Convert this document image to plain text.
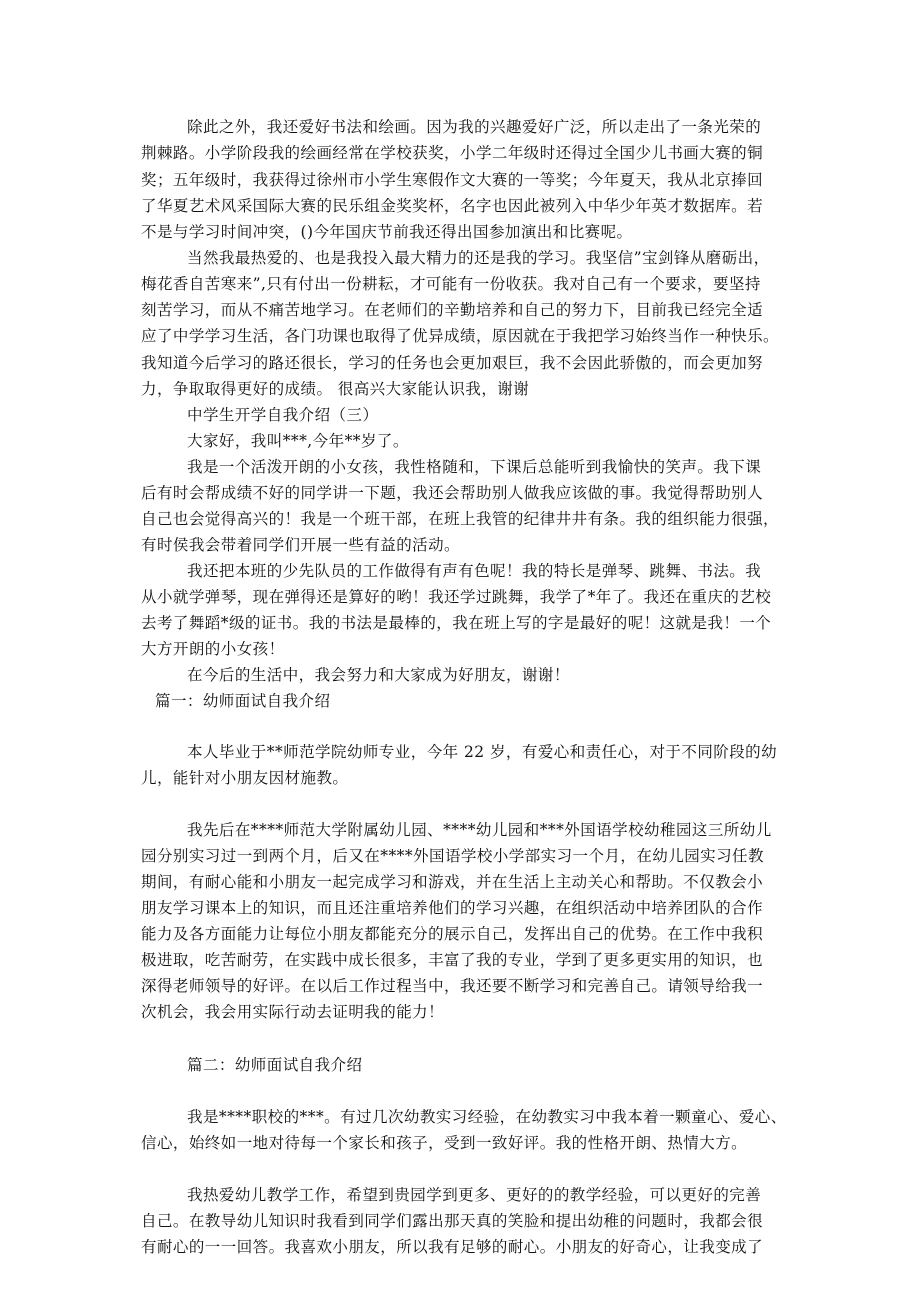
除此之外，我还爱好书法和绘画。因为我的兴趣爱好广泛，所以走出了一条光荣的
荆棘路。小学阶段我的绘画经常在学校获奖，小学二年级时还得过全国少儿书画大赛的铜
奖；五年级时，我获得过徐州市小学生寒假作文大赛的一等奖；今年夏天，我从北京捧回
了华夏艺术风采国际大赛的民乐组金奖奖杯，名字也因此被列入中华少年英才数据库。若
不是与学习时间冲突，()今年国庆节前我还得出国参加演出和比赛呢。
当然我最热爱的、也是我投入最大精力的还是我的学习。我坚信”宝剑锋从磨砺出，
梅花香自苦寒来”,只有付出一份耕耘，才可能有一份收获。我对自己有一个要求，要坚持
刻苦学习，而从不痛苦地学习。在老师们的辛勤培养和自己的努力下，目前我已经完全适
应了中学学习生活，各门功课也取得了优异成绩，原因就在于我把学习始终当作一种快乐。
我知道今后学习的路还很长，学习的任务也会更加艰巨，我不会因此骄傲的，而会更加努
力，争取取得更好的成绩。 很高兴大家能认识我，谢谢
中学生开学自我介绍（三）
大家好，我叫***,今年**岁了。
我是一个活泼开朗的小女孩，我性格随和，下课后总能听到我愉快的笑声。我下课
后有时会帮成绩不好的同学讲一下题，我还会帮助别人做我应该做的事。我觉得帮助别人
自己也会觉得高兴的！我是一个班干部，在班上我管的纪律井井有条。我的组织能力很强，
有时侯我会带着同学们开展一些有益的活动。
我还把本班的少先队员的工作做得有声有色呢！我的特长是弹琴、跳舞、书法。我
从小就学弹琴，现在弹得还是算好的哟！我还学过跳舞，我学了*年了。我还在重庆的艺校
去考了舞蹈*级的证书。我的书法是最棒的，我在班上写的字是最好的呢！这就是我！一个
大方开朗的小女孩！
在今后的生活中，我会努力和大家成为好朋友，谢谢！
篇一：幼师面试自我介绍
本人毕业于**师范学院幼师专业，今年 22 岁，有爱心和责任心，对于不同阶段的幼
儿，能针对小朋友因材施教。
我先后在****师范大学附属幼儿园、****幼儿园和***外国语学校幼稚园这三所幼儿
园分别实习过一到两个月，后又在****外国语学校小学部实习一个月，在幼儿园实习任教
期间，有耐心能和小朋友一起完成学习和游戏，并在生活上主动关心和帮助。不仅教会小
朋友学习课本上的知识，而且还注重培养他们的学习兴趣，在组织活动中培养团队的合作
能力及各方面能力让每位小朋友都能充分的展示自己，发挥出自己的优势。在工作中我积
极进取，吃苦耐劳，在实践中成长很多，丰富了我的专业，学到了更多更实用的知识，也
深得老师领导的好评。在以后工作过程当中，我还要不断学习和完善自己。请领导给我一
次机会，我会用实际行动去证明我的能力！
篇二：幼师面试自我介绍
我是****职校的***。有过几次幼教实习经验，在幼教实习中我本着一颗童心、爱心、
信心，始终如一地对待每一个家长和孩子，受到一致好评。我的性格开朗、热情大方。
我热爱幼儿教学工作，希望到贵园学到更多、更好的的教学经验，可以更好的完善
自己。在教导幼儿知识时我看到同学们露出那天真的笑脸和提出幼稚的问题时，我都会很
有耐心的一一回答。我喜欢小朋友，所以我有足够的耐心。小朋友的好奇心，让我变成了
